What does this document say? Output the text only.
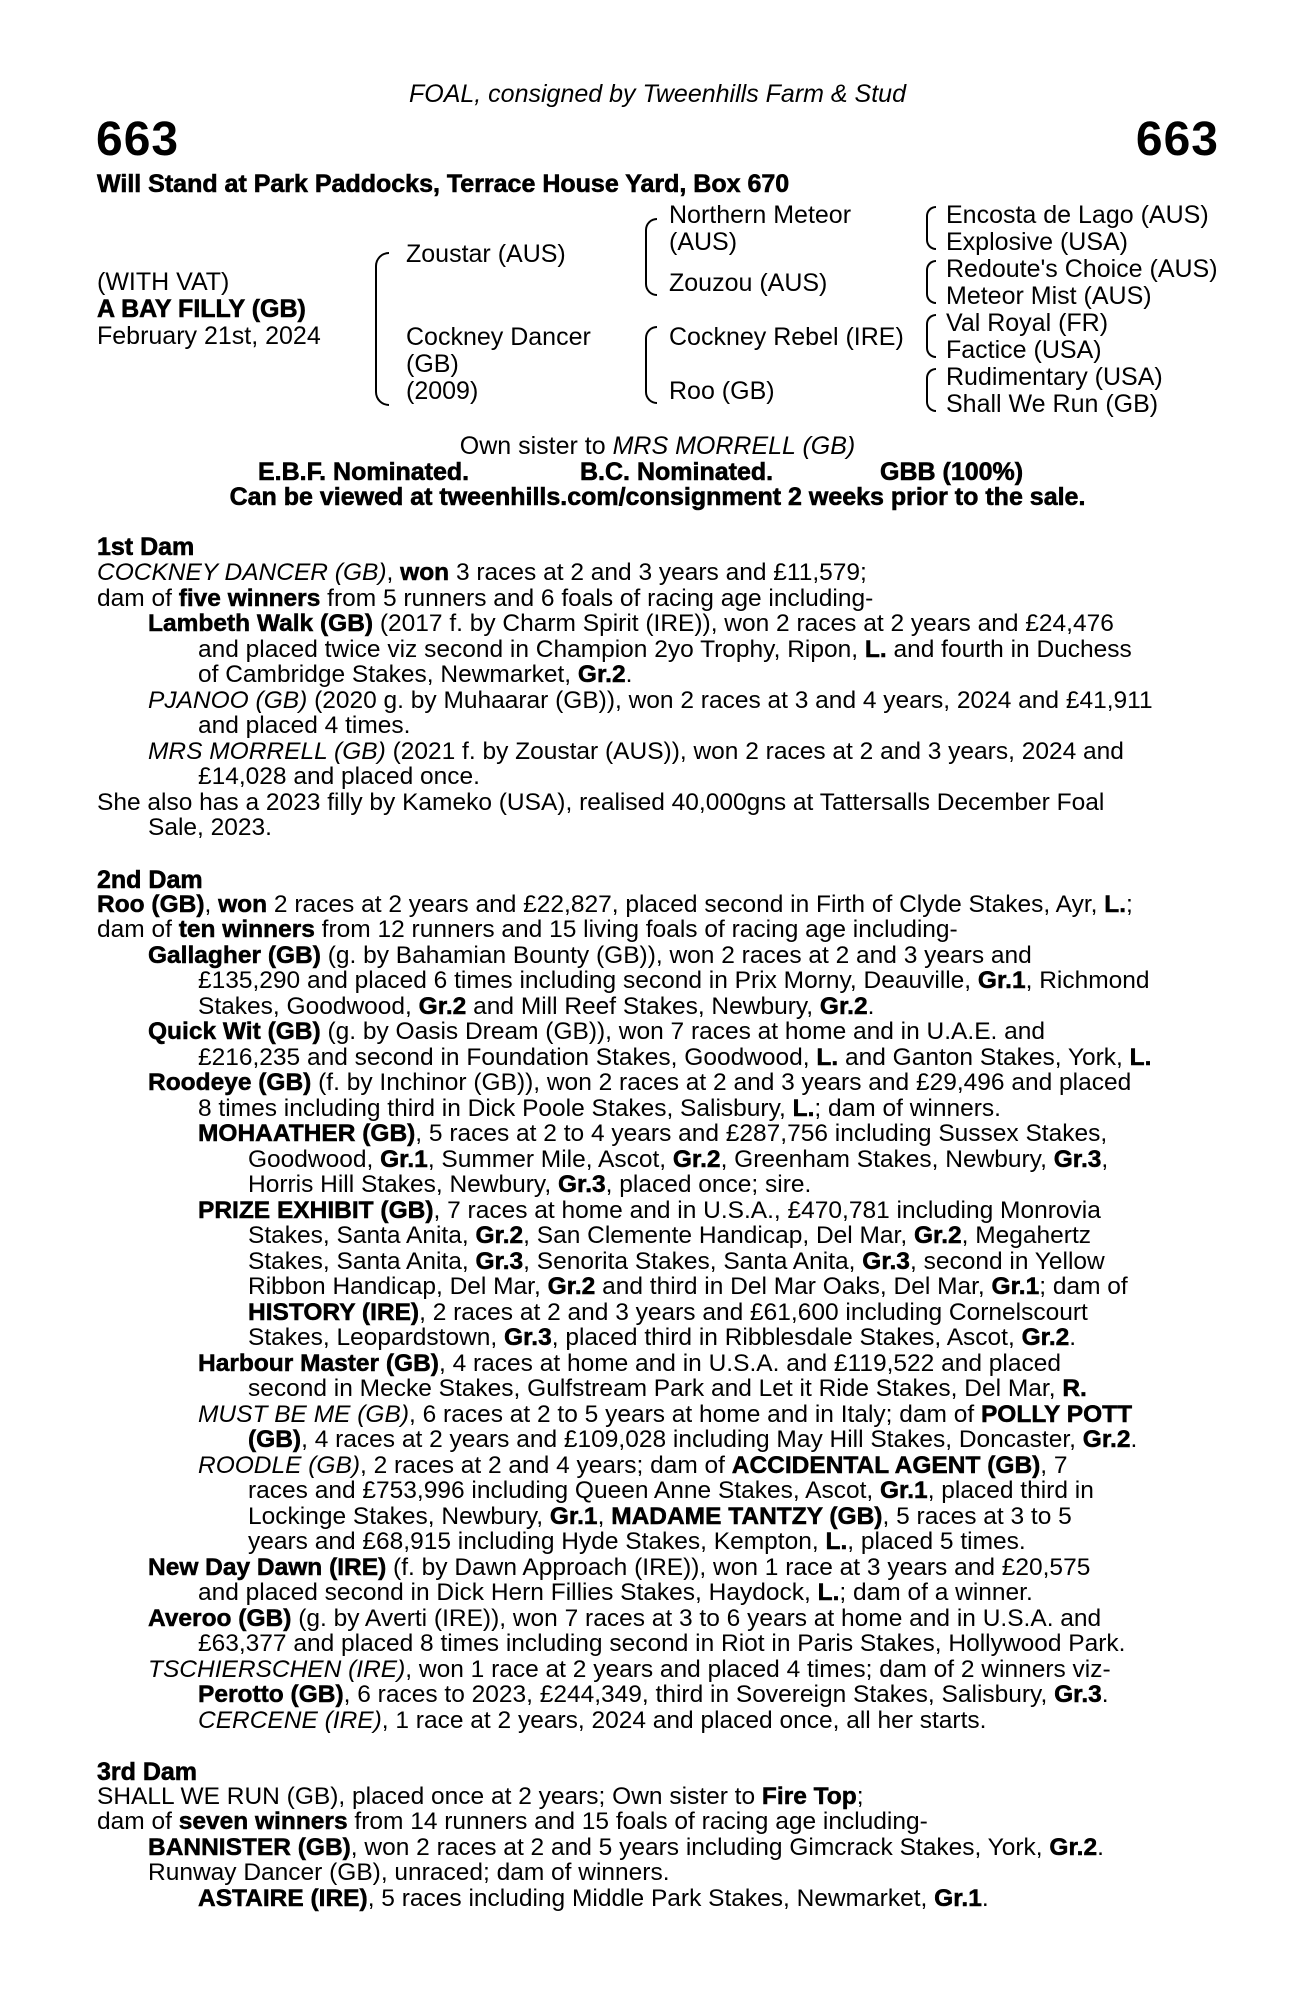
FOAL, consigned by Tweenhills Farm & Stud
663	663
Will Stand at Park Paddocks, Terrace House Yard, Box 670
(WITH VAT)
A BAY FILLY (GB)
February 21st, 2024
Zoustar (AUS)
Cockney Dancer
(GB)
(2009)
Northern Meteor
(AUS)
Zouzou (AUS)
Cockney Rebel (IRE)
Roo (GB)
Encosta de Lago (AUS)
Explosive (USA)
Redoute's Choice (AUS)
Meteor Mist (AUS)
Val Royal (FR)
Factice (USA)
Rudimentary (USA)
Shall We Run (GB)
Own sister to MRS MORRELL (GB)
E.B.F. Nominated.	B.C. Nominated.	GBB (100%)
Can be viewed at tweenhills.com/consignment 2 weeks prior to the sale.
1st Dam
COCKNEY DANCER (GB), won 3 races at 2 and 3 years and £11,579;
dam of five winners from 5 runners and 6 foals of racing age including-
Lambeth Walk (GB) (2017 f. by Charm Spirit (IRE)), won 2 races at 2 years and £24,476
and placed twice viz second in Champion 2yo Trophy, Ripon, L. and fourth in Duchess
of Cambridge Stakes, Newmarket, Gr.2.
PJANOO (GB) (2020 g. by Muhaarar (GB)), won 2 races at 3 and 4 years, 2024 and £41,911
and placed 4 times.
MRS MORRELL (GB) (2021 f. by Zoustar (AUS)), won 2 races at 2 and 3 years, 2024 and
£14,028 and placed once.
She also has a 2023 filly by Kameko (USA), realised 40,000gns at Tattersalls December Foal
Sale, 2023.
2nd Dam
Roo (GB), won 2 races at 2 years and £22,827, placed second in Firth of Clyde Stakes, Ayr, L.;
dam of ten winners from 12 runners and 15 living foals of racing age including-
Gallagher (GB) (g. by Bahamian Bounty (GB)), won 2 races at 2 and 3 years and
£135,290 and placed 6 times including second in Prix Morny, Deauville, Gr.1, Richmond
Stakes, Goodwood, Gr.2 and Mill Reef Stakes, Newbury, Gr.2.
Quick Wit (GB) (g. by Oasis Dream (GB)), won 7 races at home and in U.A.E. and
£216,235 and second in Foundation Stakes, Goodwood, L. and Ganton Stakes, York, L.
Roodeye (GB) (f. by Inchinor (GB)), won 2 races at 2 and 3 years and £29,496 and placed
8 times including third in Dick Poole Stakes, Salisbury, L.; dam of winners.
MOHAATHER (GB), 5 races at 2 to 4 years and £287,756 including Sussex Stakes,
Goodwood, Gr.1, Summer Mile, Ascot, Gr.2, Greenham Stakes, Newbury, Gr.3,
Horris Hill Stakes, Newbury, Gr.3, placed once; sire.
PRIZE EXHIBIT (GB), 7 races at home and in U.S.A., £470,781 including Monrovia
Stakes, Santa Anita, Gr.2, San Clemente Handicap, Del Mar, Gr.2, Megahertz
Stakes, Santa Anita, Gr.3, Senorita Stakes, Santa Anita, Gr.3, second in Yellow
Ribbon Handicap, Del Mar, Gr.2 and third in Del Mar Oaks, Del Mar, Gr.1; dam of
HISTORY (IRE), 2 races at 2 and 3 years and £61,600 including Cornelscourt
Stakes, Leopardstown, Gr.3, placed third in Ribblesdale Stakes, Ascot, Gr.2.
Harbour Master (GB), 4 races at home and in U.S.A. and £119,522 and placed
second in Mecke Stakes, Gulfstream Park and Let it Ride Stakes, Del Mar, R.
MUST BE ME (GB), 6 races at 2 to 5 years at home and in Italy; dam of POLLY POTT
(GB), 4 races at 2 years and £109,028 including May Hill Stakes, Doncaster, Gr.2.
ROODLE (GB), 2 races at 2 and 4 years; dam of ACCIDENTAL AGENT (GB), 7
races and £753,996 including Queen Anne Stakes, Ascot, Gr.1, placed third in
Lockinge Stakes, Newbury, Gr.1, MADAME TANTZY (GB), 5 races at 3 to 5
years and £68,915 including Hyde Stakes, Kempton, L., placed 5 times.
New Day Dawn (IRE) (f. by Dawn Approach (IRE)), won 1 race at 3 years and £20,575
and placed second in Dick Hern Fillies Stakes, Haydock, L.; dam of a winner.
Averoo (GB) (g. by Averti (IRE)), won 7 races at 3 to 6 years at home and in U.S.A. and
£63,377 and placed 8 times including second in Riot in Paris Stakes, Hollywood Park.
TSCHIERSCHEN (IRE), won 1 race at 2 years and placed 4 times; dam of 2 winners viz-
Perotto (GB), 6 races to 2023, £244,349, third in Sovereign Stakes, Salisbury, Gr.3.
CERCENE (IRE), 1 race at 2 years, 2024 and placed once, all her starts.
3rd Dam
SHALL WE RUN (GB), placed once at 2 years; Own sister to Fire Top;
dam of seven winners from 14 runners and 15 foals of racing age including-
BANNISTER (GB), won 2 races at 2 and 5 years including Gimcrack Stakes, York, Gr.2.
Runway Dancer (GB), unraced; dam of winners.
ASTAIRE (IRE), 5 races including Middle Park Stakes, Newmarket, Gr.1.
